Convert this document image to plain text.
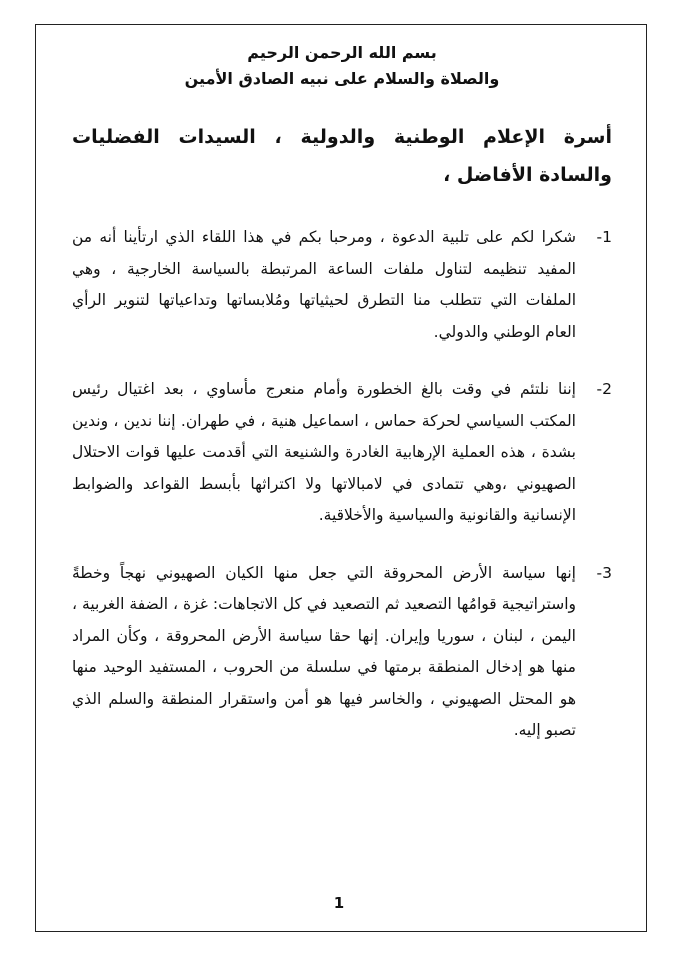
بسم الله الرحمن الرحيم

والصلاة والسلام على نبيه الصادق الأمين

أسرة الإعلام الوطنية والدولية ، السيدات الفضليات والسادة الأفاضل ،

-1

شكرا لكم على تلبية الدعوة ، ومرحبا بكم في هذا اللقاء الذي ارتأينا أنه من المفيد تنظيمه لتناول ملفات الساعة المرتبطة بالسياسة الخارجية ، وهي الملفات التي تتطلب منا التطرق لحيثياتها ومُلابساتها وتداعياتها لتنوير الرأي العام الوطني والدولي.

-2

إننا نلتئم في وقت بالغ الخطورة وأمام منعرج مأساوي ، بعد اغتيال رئيس المكتب السياسي لحركة حماس ، اسماعيل هنية ، في طهران. إننا ندين ، وندين بشدة ، هذه العملية الإرهابية الغادرة والشنيعة التي أقدمت عليها قوات الاحتلال الصهيوني ،وهي تتمادى في لامبالاتها ولا اكتراثها بأبسط القواعد والضوابط الإنسانية والقانونية والسياسية والأخلاقية.

-3

إنها سياسة الأرض المحروقة التي جعل منها الكيان الصهيوني نهجاً وخطةً واستراتيجية قوامُها التصعيد ثم التصعيد في كل الاتجاهات: غزة ، الضفة الغربية ، اليمن ، لبنان ، سوريا وإيران. إنها حقا سياسة الأرض المحروقة ، وكأن المراد منها هو إدخال المنطقة برمتها في سلسلة من الحروب ، المستفيد الوحيد منها هو المحتل الصهيوني ، والخاسر فيها هو أمن واستقرار المنطقة والسلم الذي تصبو إليه.

1
